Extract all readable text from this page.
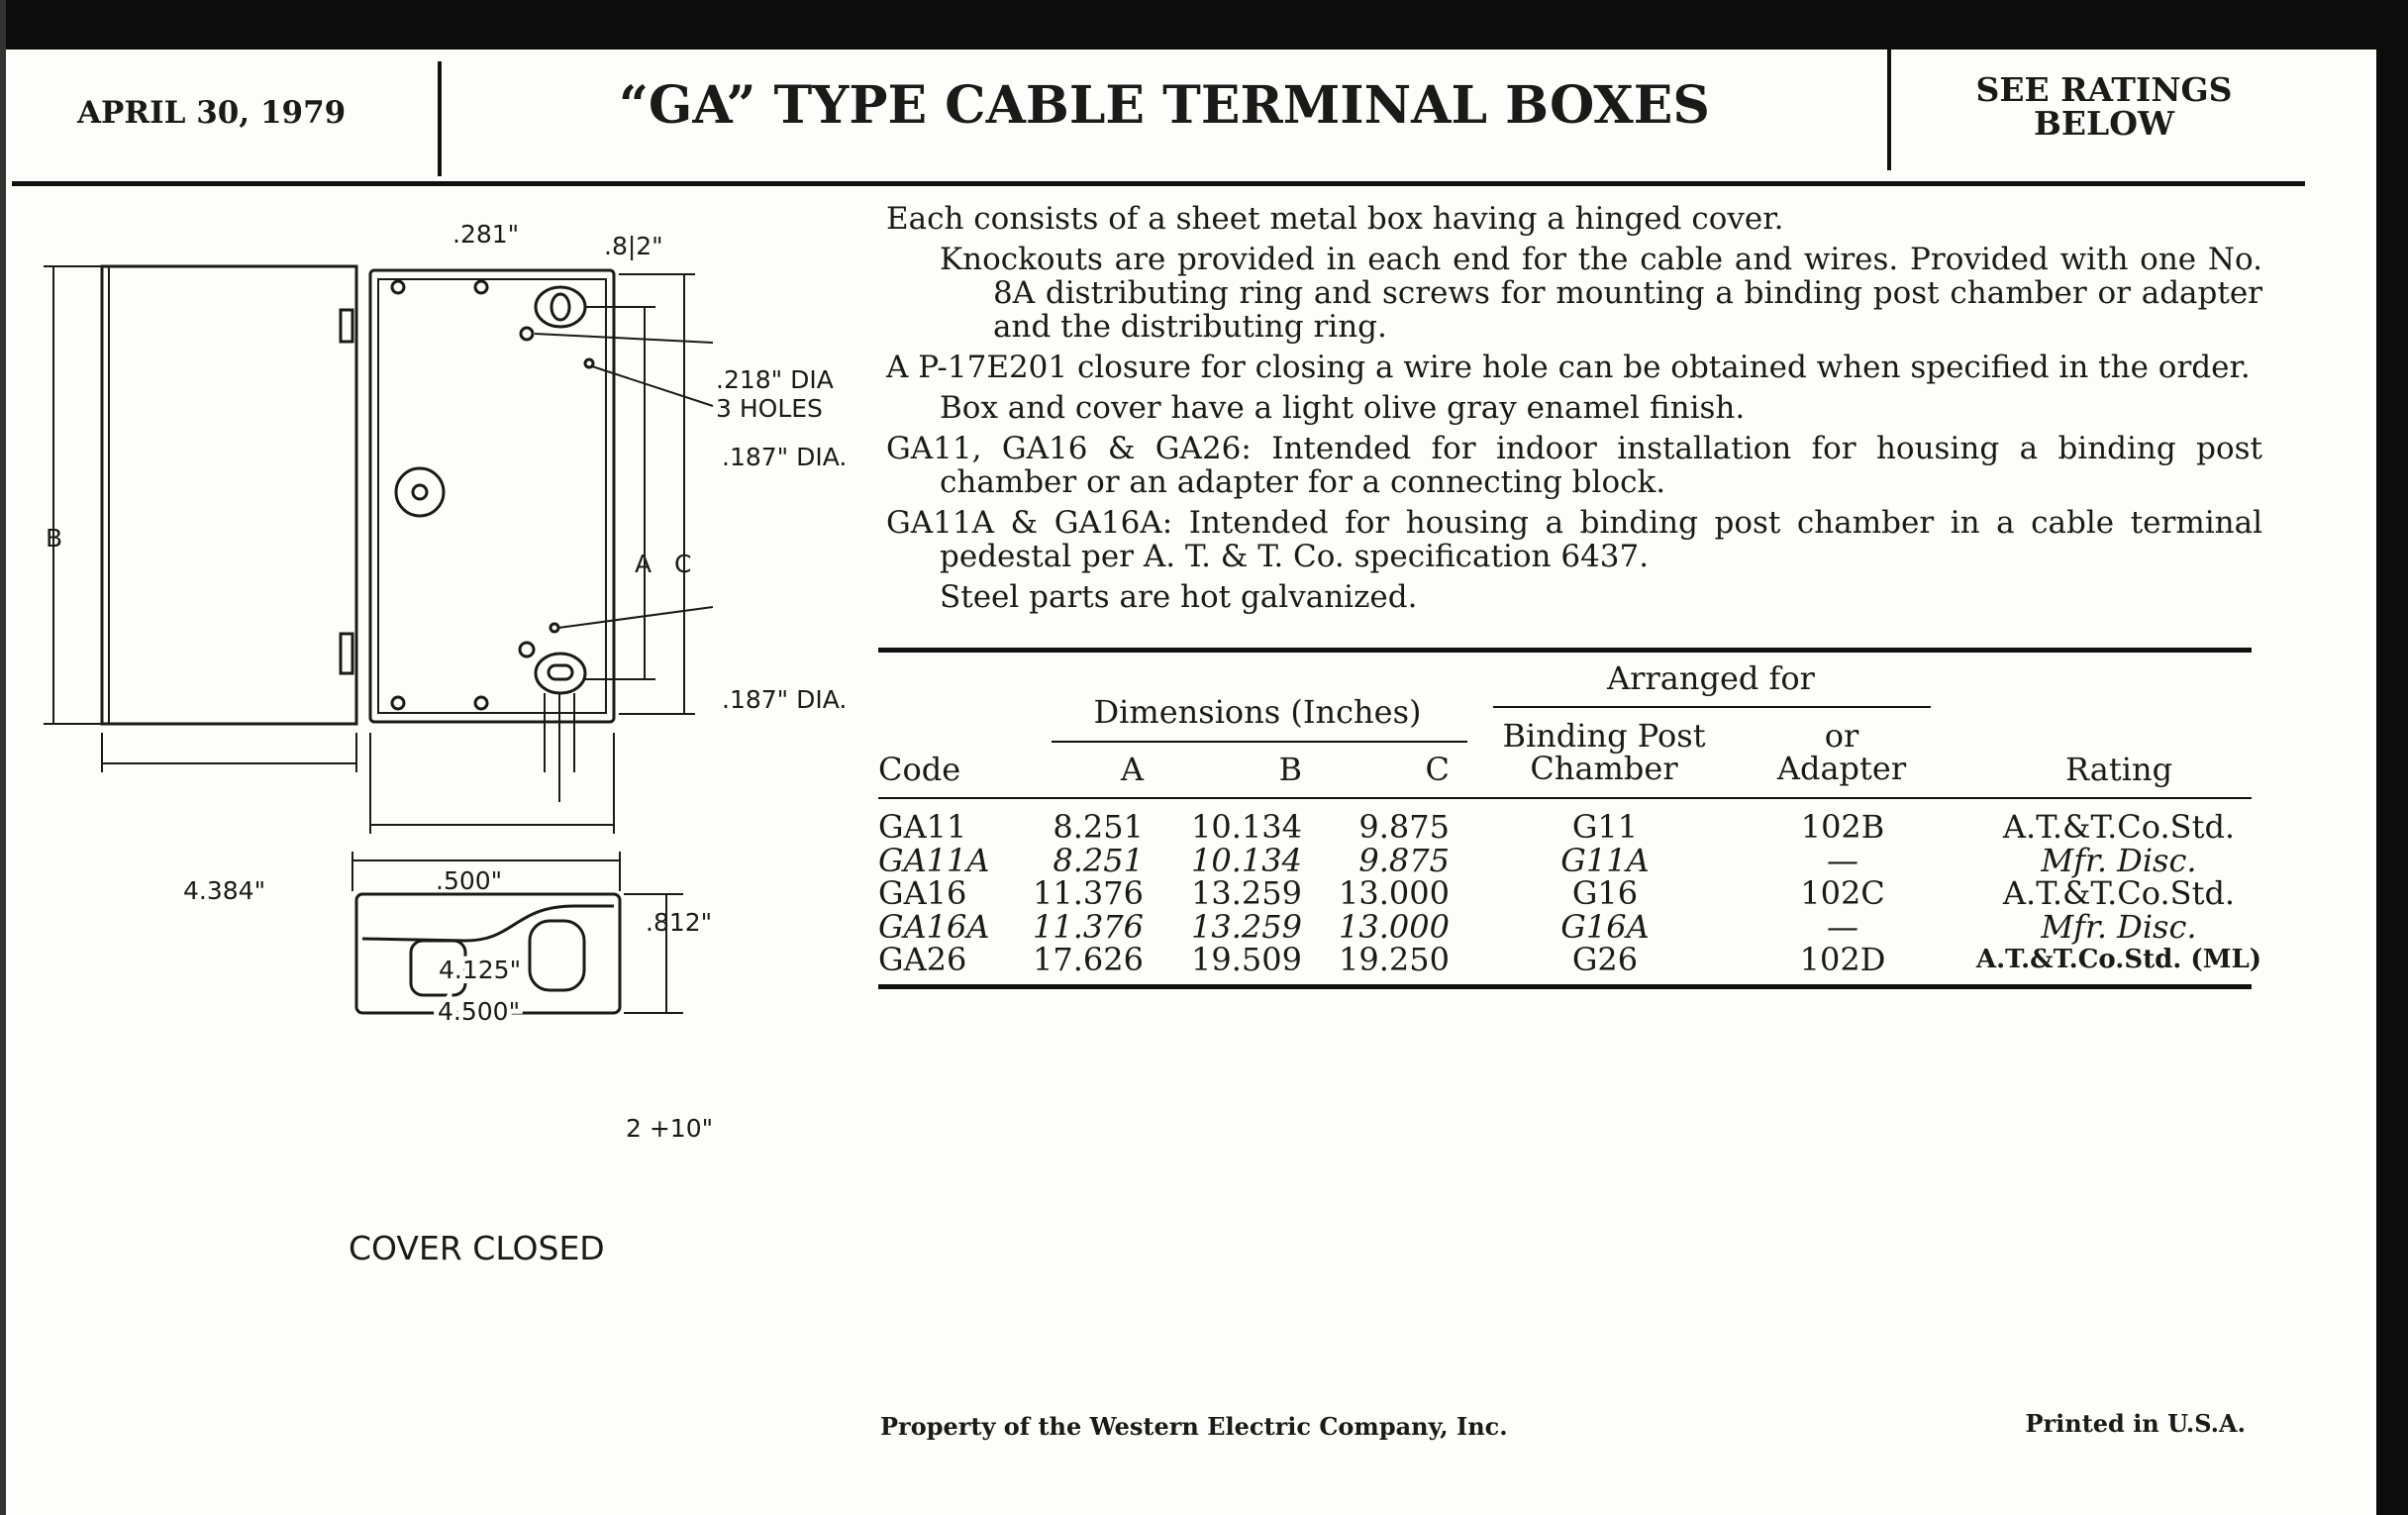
APRIL 30, 1979	“GA” TYPE CABLE TERMINAL BOXES	SEE RATINGS
BELOW
.281"	.8|2"
.218" DIA
3 HOLES
.187" DIA.
.187" DIA.
B
A C
4.384"	.500"
.812"
4.125"
4.500"
2 +10"
COVER CLOSED

Each consists of a sheet metal box having a hinged cover.

Knockouts are provided in each end for the cable and wires. Provided with one No. 8A distributing ring and screws for mounting a binding post chamber or adapter and the distributing ring.

A P-17E201 closure for closing a wire hole can be obtained when specified in the order.

Box and cover have a light olive gray enamel finish.

GA11, GA16 & GA26: Intended for indoor installation for housing a binding post chamber or an adapter for a connecting block.

GA11A & GA16A: Intended for housing a binding post chamber in a cable terminal pedestal per A. T. & T. Co. specification 6437.

Steel parts are hot galvanized.

Arranged for
Dimensions (Inches)
Binding Post
Chamber
or
Adapter
Code	A	B	C	Rating
GA11	8.251 10.134	9.875	G11	102B	A.T.&T.Co.Std.
GA11A	8.251 10.134	9.875	G11A	—	Mfr. Disc.
GA16 11.376 13.259 13.000	G16	102C	A.T.&T.Co.Std.
GA16A 11.376 13.259 13.000	G16A	—	Mfr. Disc.
GA26 17.626 19.509 19.250	G26	102D	A.T.&T.Co.Std. (ML)
Property of the Western Electric Company, Inc.	Printed in U.S.A.
